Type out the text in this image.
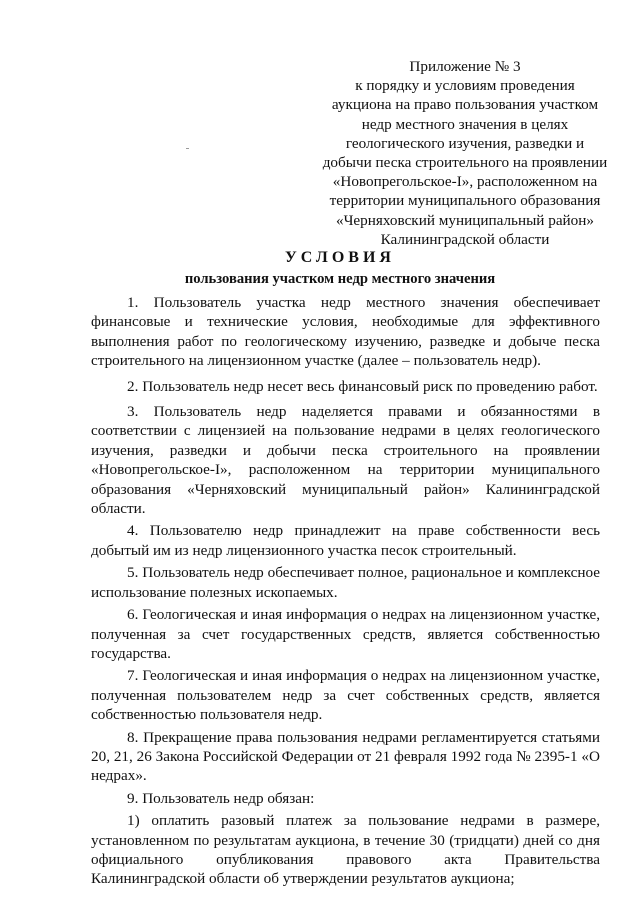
Приложение № 3
к порядку и условиям проведения
аукциона на право пользования участком
недр местного значения в целях
геологического изучения, разведки и
добычи песка строительного на проявлении
«Новопрегольское-I», расположенном на
территории муниципального образования
«Черняховский муниципальный район»
Калининградской области
УСЛОВИЯ
пользования участком недр местного значения

1. Пользователь участка недр местного значения обеспечивает финансовые и технические условия, необходимые для эффективного выполнения работ по геологическому изучению, разведке и добыче песка строительного на лицензионном участке (далее – пользователь недр).

2. Пользователь недр несет весь финансовый риск по проведению работ.

3. Пользователь недр наделяется правами и обязанностями в соответствии с лицензией на пользование недрами в целях геологического изучения, разведки и добычи песка строительного на проявлении «Новопрегольское-I», расположенном на территории муниципального образования «Черняховский муниципальный район» Калининградской области.

4. Пользователю недр принадлежит на праве собственности весь добытый им из недр лицензионного участка песок строительный.

5. Пользователь недр обеспечивает полное, рациональное и комплексное использование полезных ископаемых.

6. Геологическая и иная информация о недрах на лицензионном участке, полученная за счет государственных средств, является собственностью государства.

7. Геологическая и иная информация о недрах на лицензионном участке, полученная пользователем недр за счет собственных средств, является собственностью пользователя недр.

8. Прекращение права пользования недрами регламентируется статьями 20, 21, 26 Закона Российской Федерации от 21 февраля 1992 года № 2395-1 «О недрах».

9. Пользователь недр обязан:

1) оплатить разовый платеж за пользование недрами в размере, установленном по результатам аукциона, в течение 30 (тридцати) дней со дня официального опубликования правового акта Правительства Калининградской области об утверждении результатов аукциона;
